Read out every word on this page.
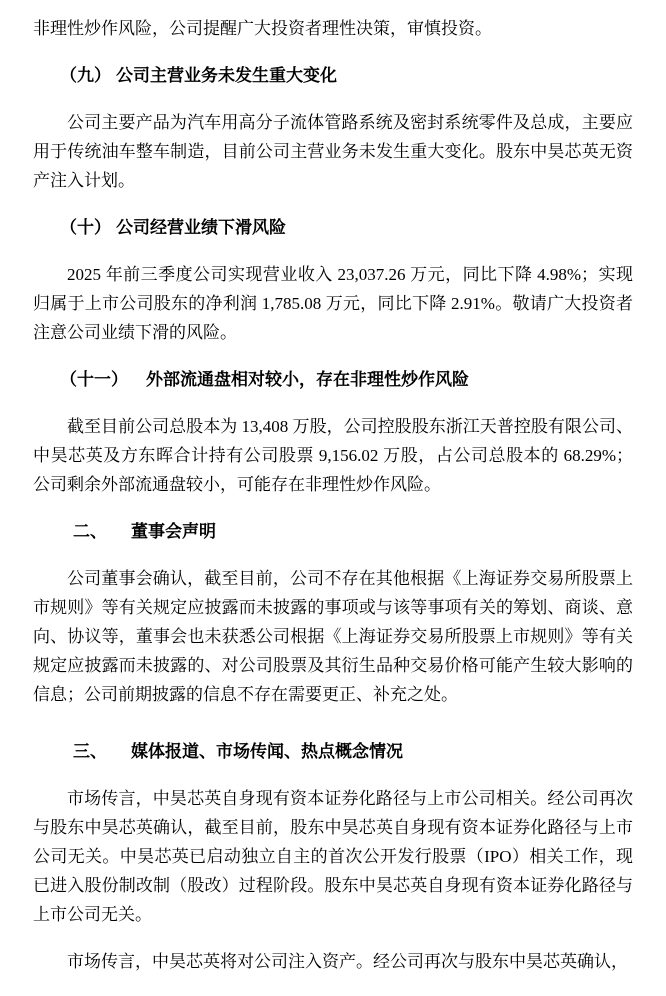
非理性炒作风险，公司提醒广大投资者理性决策，审慎投资。

（九） 公司主营业务未发生重大变化

公司主要产品为汽车用高分子流体管路系统及密封系统零件及总成，主要应用于传统油车整车制造，目前公司主营业务未发生重大变化。股东中昊芯英无资产注入计划。

（十） 公司经营业绩下滑风险

2025 年前三季度公司实现营业收入 23,037.26 万元，同比下降 4.98%；实现归属于上市公司股东的净利润 1,785.08 万元，同比下降 2.91%。敬请广大投资者注意公司业绩下滑的风险。

（十一） 外部流通盘相对较小，存在非理性炒作风险

截至目前公司总股本为 13,408 万股，公司控股股东浙江天普控股有限公司、中昊芯英及方东晖合计持有公司股票 9,156.02 万股，占公司总股本的 68.29%；公司剩余外部流通盘较小，可能存在非理性炒作风险。

二、 董事会声明

公司董事会确认，截至目前，公司不存在其他根据《上海证券交易所股票上市规则》等有关规定应披露而未披露的事项或与该等事项有关的筹划、商谈、意向、协议等，董事会也未获悉公司根据《上海证券交易所股票上市规则》等有关规定应披露而未披露的、对公司股票及其衍生品种交易价格可能产生较大影响的信息；公司前期披露的信息不存在需要更正、补充之处。

三、 媒体报道、市场传闻、热点概念情况

市场传言，中昊芯英自身现有资本证券化路径与上市公司相关。经公司再次与股东中昊芯英确认，截至目前，股东中昊芯英自身现有资本证券化路径与上市公司无关。中昊芯英已启动独立自主的首次公开发行股票（IPO）相关工作，现已进入股份制改制（股改）过程阶段。股东中昊芯英自身现有资本证券化路径与上市公司无关。

市场传言，中昊芯英将对公司注入资产。经公司再次与股东中昊芯英确认，
